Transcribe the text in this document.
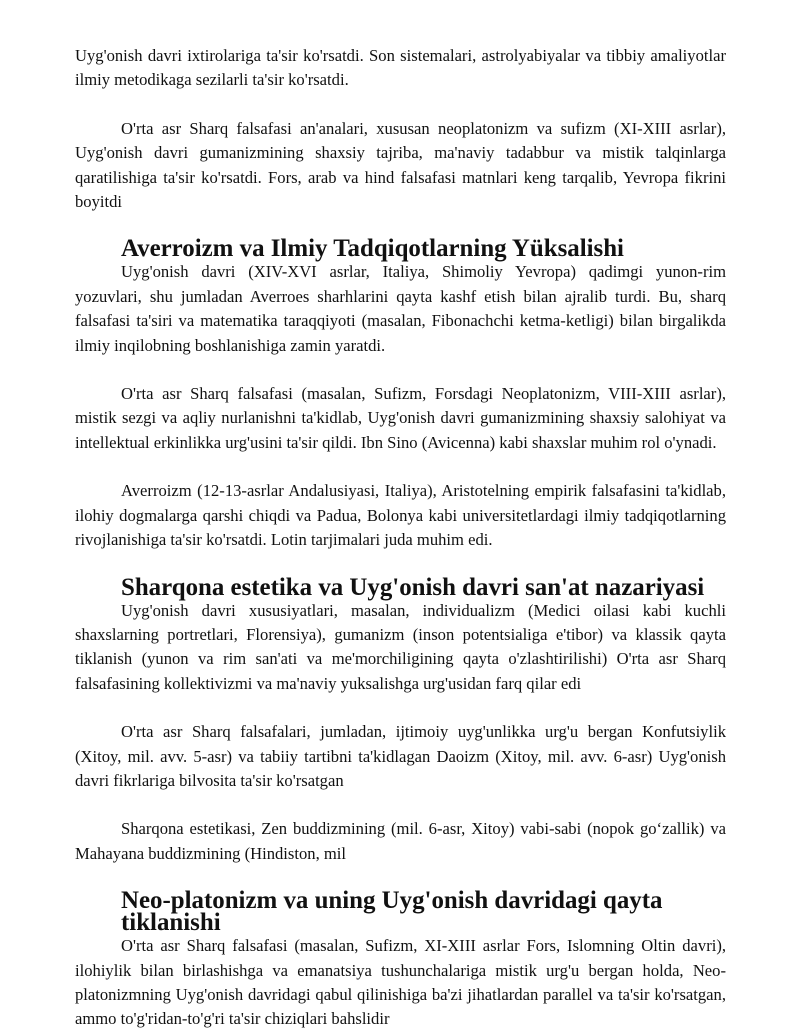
Uyg'onish davri ixtirolariga ta'sir ko'rsatdi. Son sistemalari, astrolyabiyalar va tibbiy amaliyotlar ilmiy metodikaga sezilarli ta'sir ko'rsatdi.

O'rta asr Sharq falsafasi an'analari, xususan neoplatonizm va sufizm (XI-XIII asrlar), Uyg'onish davri gumanizmining shaxsiy tajriba, ma'naviy tadabbur va mistik talqinlarga qaratilishiga ta'sir ko'rsatdi. Fors, arab va hind falsafasi matnlari keng tarqalib, Yevropa fikrini boyitdi

Averroizm va Ilmiy Tadqiqotlarning Yüksalishi

Uyg'onish davri (XIV-XVI asrlar, Italiya, Shimoliy Yevropa) qadimgi yunon-rim yozuvlari, shu jumladan Averroes sharhlarini qayta kashf etish bilan ajralib turdi. Bu, sharq falsafasi ta'siri va matematika taraqqiyoti (masalan, Fibonachchi ketma-ketligi) bilan birgalikda ilmiy inqilobning boshlanishiga zamin yaratdi.

O'rta asr Sharq falsafasi (masalan, Sufizm, Forsdagi Neoplatonizm, VIII-XIII asrlar), mistik sezgi va aqliy nurlanishni ta'kidlab, Uyg'onish davri gumanizmining shaxsiy salohiyat va intellektual erkinlikka urg'usini ta'sir qildi. Ibn Sino (Avicenna) kabi shaxslar muhim rol o'ynadi.

Averroizm (12-13-asrlar Andalusiyasi, Italiya), Aristotelning empirik falsafasini ta'kidlab, ilohiy dogmalarga qarshi chiqdi va Padua, Bolonya kabi universitetlardagi ilmiy tadqiqotlarning rivojlanishiga ta'sir ko'rsatdi. Lotin tarjimalari juda muhim edi.

Sharqona estetika va Uyg'onish davri san'at nazariyasi

Uyg'onish davri xususiyatlari, masalan, individualizm (Medici oilasi kabi kuchli shaxslarning portretlari, Florensiya), gumanizm (inson potentsialiga e'tibor) va klassik qayta tiklanish (yunon va rim san'ati va me'morchiligining qayta o'zlashtirilishi) O'rta asr Sharq falsafasining kollektivizmi va ma'naviy yuksalishga urg'usidan farq qilar edi

O'rta asr Sharq falsafalari, jumladan, ijtimoiy uyg'unlikka urg'u bergan Konfutsiylik (Xitoy, mil. avv. 5-asr) va tabiiy tartibni ta'kidlagan Daoizm (Xitoy, mil. avv. 6-asr) Uyg'onish davri fikrlariga bilvosita ta'sir ko'rsatgan

Sharqona estetikasi, Zen buddizmining (mil. 6-asr, Xitoy) vabi-sabi (nopok go‘zallik) va Mahayana buddizmining (Hindiston, mil

Neo-platonizm va uning Uyg'onish davridagi qayta tiklanishi

O'rta asr Sharq falsafasi (masalan, Sufizm, XI-XIII asrlar Fors, Islomning Oltin davri), ilohiylik bilan birlashishga va emanatsiya tushunchalariga mistik urg'u bergan holda, Neo-platonizmning Uyg'onish davridagi qabul qilinishiga ba'zi jihatlardan parallel va ta'sir ko'rsatgan, ammo to'g'ridan-to'g'ri ta'sir chiziqlari bahslidir
